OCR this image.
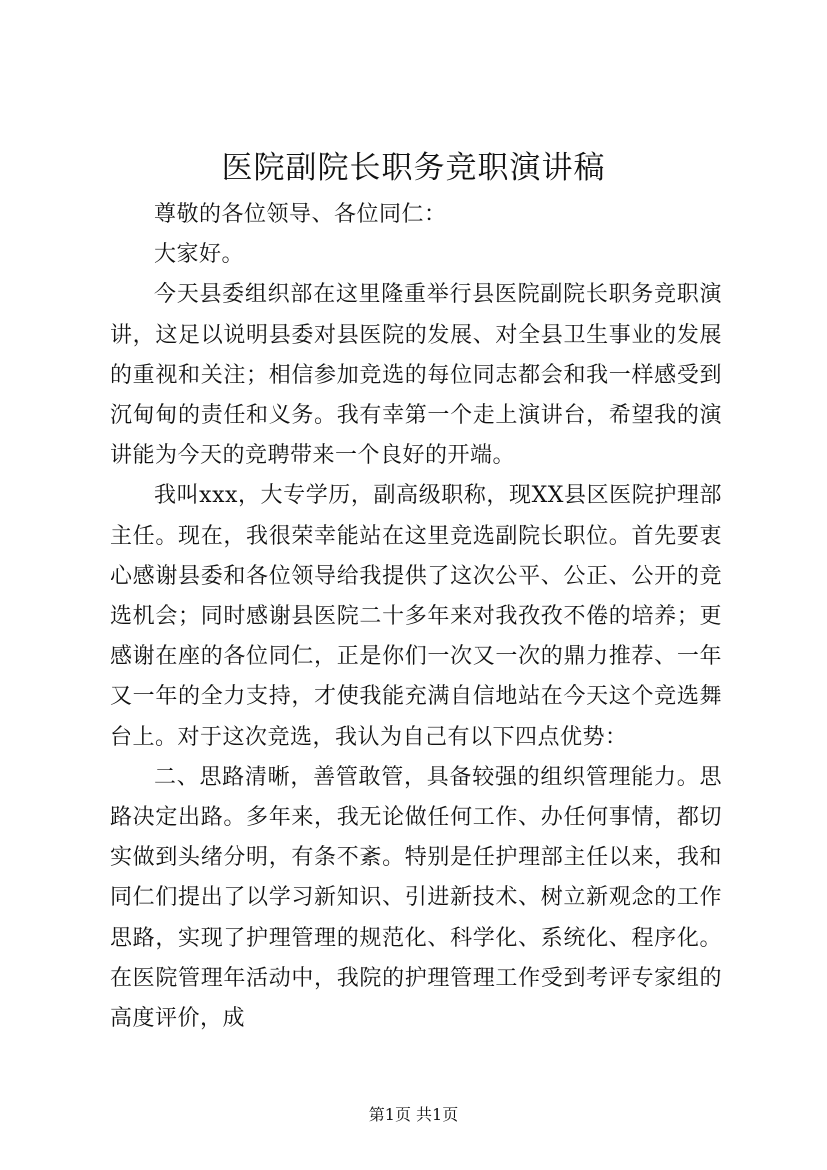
医院副院长职务竞职演讲稿

尊敬的各位领导、各位同仁：

大家好。

今天县委组织部在这里隆重举行县医院副院长职务竞职演讲，这足以说明县委对县医院的发展、对全县卫生事业的发展的重视和关注；相信参加竞选的每位同志都会和我一样感受到沉甸甸的责任和义务。我有幸第一个走上演讲台，希望我的演讲能为今天的竞聘带来一个良好的开端。

我叫xxx，大专学历，副高级职称，现XX县区医院护理部主任。现在，我很荣幸能站在这里竞选副院长职位。首先要衷心感谢县委和各位领导给我提供了这次公平、公正、公开的竞选机会；同时感谢县医院二十多年来对我孜孜不倦的培养；更感谢在座的各位同仁，正是你们一次又一次的鼎力推荐、一年又一年的全力支持，才使我能充满自信地站在今天这个竞选舞台上。对于这次竞选，我认为自己有以下四点优势：

二、思路清晰，善管敢管，具备较强的组织管理能力。思路决定出路。多年来，我无论做任何工作、办任何事情，都切实做到头绪分明，有条不紊。特别是任护理部主任以来，我和同仁们提出了以学习新知识、引进新技术、树立新观念的工作思路，实现了护理管理的规范化、科学化、系统化、程序化。在医院管理年活动中，我院的护理管理工作受到考评专家组的高度评价，成

第1页 共1页
